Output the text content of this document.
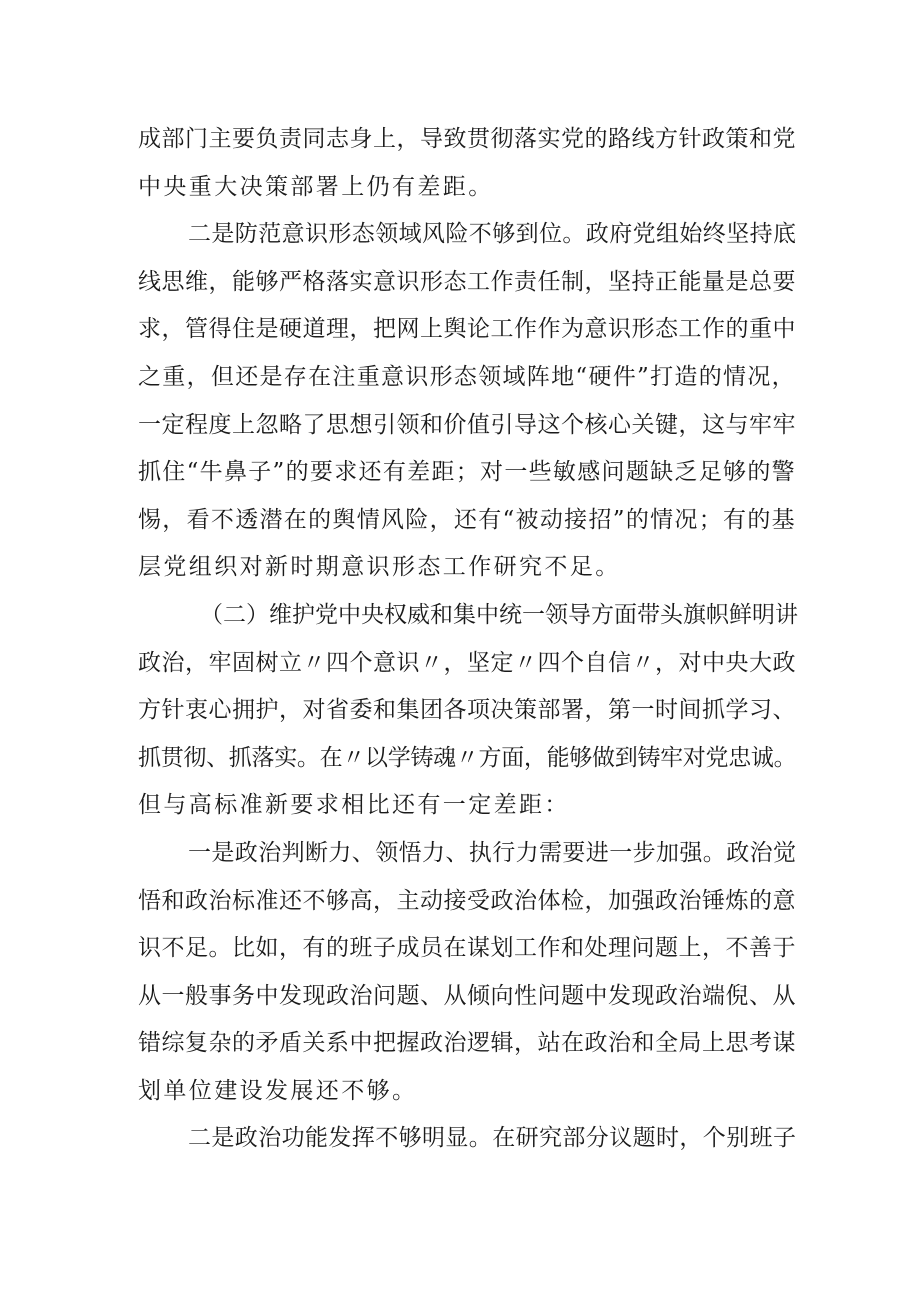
成部门主要负责同志身上，导致贯彻落实党的路线方针政策和党
中央重大决策部署上仍有差距。
二是防范意识形态领域风险不够到位。政府党组始终坚持底
线思维，能够严格落实意识形态工作责任制，坚持正能量是总要
求，管得住是硬道理，把网上舆论工作作为意识形态工作的重中
之重，但还是存在注重意识形态领域阵地“硬件”打造的情况，
一定程度上忽略了思想引领和价值引导这个核心关键，这与牢牢
抓住“牛鼻子”的要求还有差距；对一些敏感问题缺乏足够的警
惕，看不透潜在的舆情风险，还有“被动接招”的情况；有的基
层党组织对新时期意识形态工作研究不足。
（二）维护党中央权威和集中统一领导方面带头旗帜鲜明讲
政治，牢固树立〃四个意识〃，坚定〃四个自信〃，对中央大政
方针衷心拥护，对省委和集团各项决策部署，第一时间抓学习、
抓贯彻、抓落实。在〃以学铸魂〃方面，能够做到铸牢对党忠诚。
但与高标准新要求相比还有一定差距：
一是政治判断力、领悟力、执行力需要进一步加强。政治觉
悟和政治标准还不够高，主动接受政治体检，加强政治锤炼的意
识不足。比如，有的班子成员在谋划工作和处理问题上，不善于
从一般事务中发现政治问题、从倾向性问题中发现政治端倪、从
错综复杂的矛盾关系中把握政治逻辑，站在政治和全局上思考谋
划单位建设发展还不够。
二是政治功能发挥不够明显。在研究部分议题时，个别班子
